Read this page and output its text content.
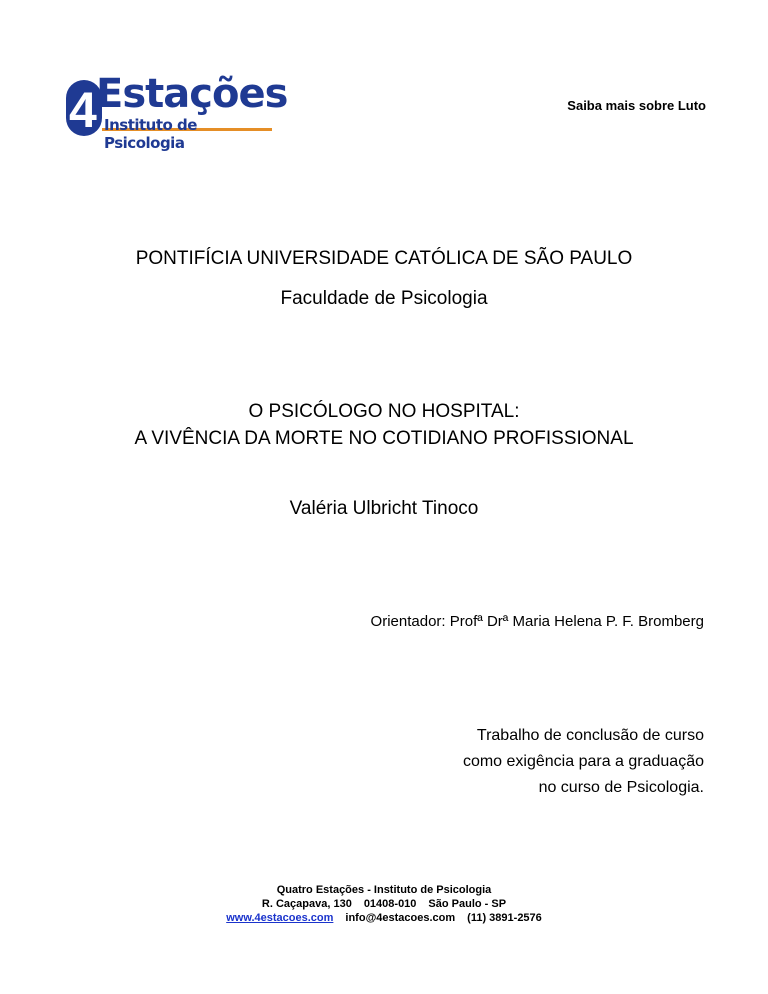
4 Estações
Instituto de Psicologia
Saiba mais sobre Luto
PONTIFÍCIA UNIVERSIDADE CATÓLICA DE SÃO PAULO
Faculdade de Psicologia
O PSICÓLOGO NO HOSPITAL:
A VIVÊNCIA DA MORTE NO COTIDIANO PROFISSIONAL
Valéria Ulbricht Tinoco
Orientador: Profª Drª Maria Helena P. F. Bromberg
Trabalho de conclusão de curso
como exigência para a graduação
no curso de Psicologia.
Quatro Estações - Instituto de Psicologia
R. Caçapava, 130 01408-010 São Paulo - SP
www.4estacoes.com info@4estacoes.com (11) 3891-2576
